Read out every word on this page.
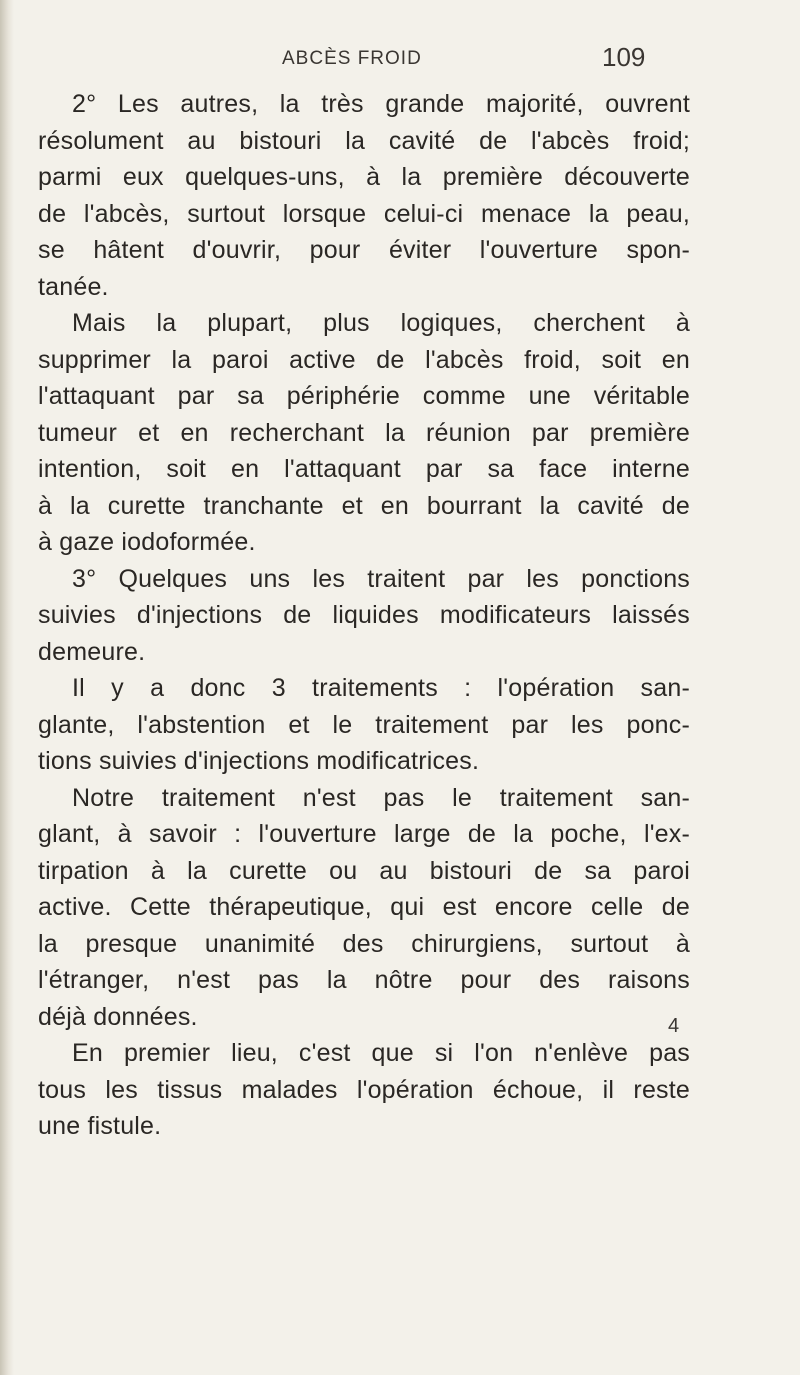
ABCÈS FROID	109
2° Les autres, la très grande majorité, ouvrent
résolument au bistouri la cavité de l'abcès froid;
parmi eux quelques-uns, à la première découverte
de l'abcès, surtout lorsque celui-ci menace la peau,
se hâtent d'ouvrir, pour éviter l'ouverture spon-
tanée.
Mais la plupart, plus logiques, cherchent à
supprimer la paroi active de l'abcès froid, soit en
l'attaquant par sa périphérie comme une véritable
tumeur et en recherchant la réunion par première
intention, soit en l'attaquant par sa face interne
à la curette tranchante et en bourrant la cavité de
à gaze iodoformée.
3° Quelques uns les traitent par les ponctions
suivies d'injections de liquides modificateurs laissés
demeure.
Il y a donc 3 traitements : l'opération san-
glante, l'abstention et le traitement par les ponc-
tions suivies d'injections modificatrices.
Notre traitement n'est pas le traitement san-
glant, à savoir : l'ouverture large de la poche, l'ex-
tirpation à la curette ou au bistouri de sa paroi
active. Cette thérapeutique, qui est encore celle de
la presque unanimité des chirurgiens, surtout à
l'étranger, n'est pas la nôtre pour des raisons
déjà données.
En premier lieu, c'est que si l'on n'enlève pas
tous les tissus malades l'opération échoue, il reste
une fistule.
4
